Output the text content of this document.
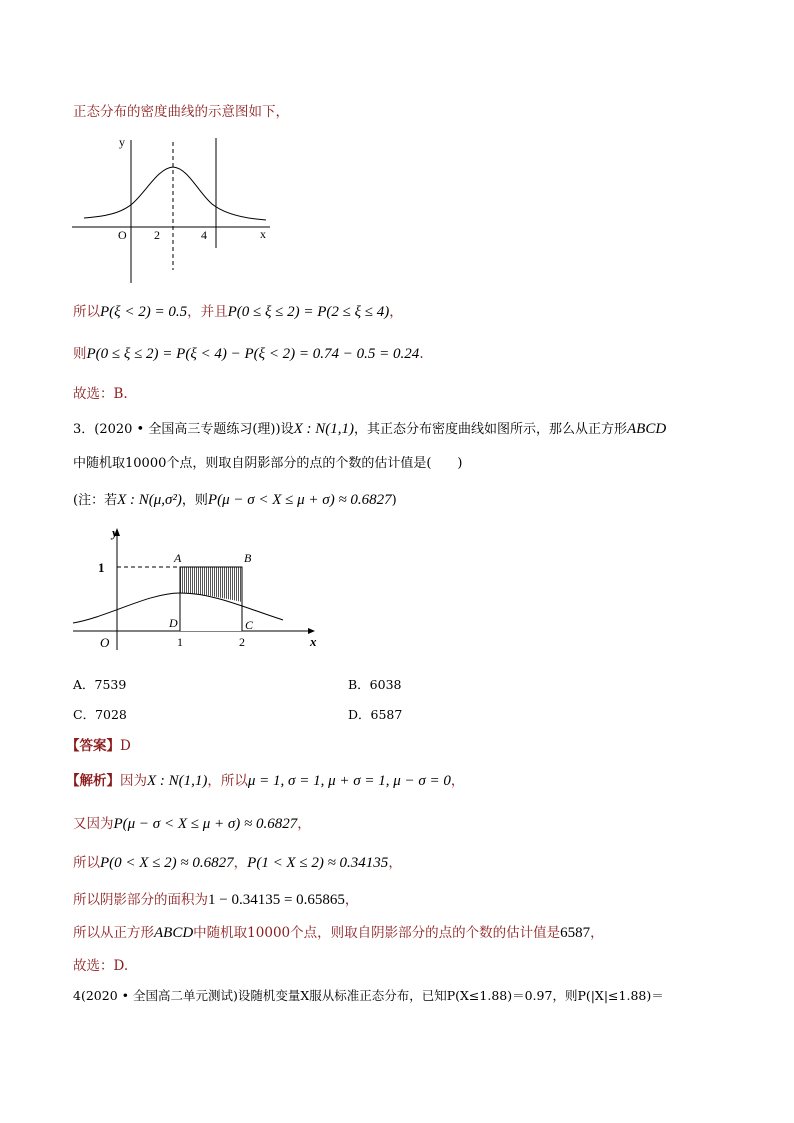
正态分布的密度曲线的示意图如下，
y
O 2	4	x
所以P(ξ < 2) = 0.5，并且P(0 ≤ ξ ≤ 2) = P(2 ≤ ξ ≤ 4)，
则P(0 ≤ ξ ≤ 2) = P(ξ < 4) − P(ξ < 2) = 0.74 − 0.5 = 0.24.
故选：B.
3．(2020 • 全国高三专题练习(理))设X : N(1,1)，其正态分布密度曲线如图所示，那么从正方形ABCD
中随机取10000个点，则取自阴影部分的点的个数的估计值是(　　)
(注：若X : N(μ,σ²)，则P(μ − σ < X ≤ μ + σ) ≈ 0.6827)
y
1
A	B
D	C
O	1	2	x
A．7539	B．6038
C．7028	D．6587
【答案】D
【解析】因为X : N(1,1)，所以μ = 1, σ = 1, μ + σ = 1, μ − σ = 0，
又因为P(μ − σ < X ≤ μ + σ) ≈ 0.6827，
所以P(0 < X ≤ 2) ≈ 0.6827，P(1 < X ≤ 2) ≈ 0.34135，
所以阴影部分的面积为1 − 0.34135 = 0.65865，
所以从正方形ABCD中随机取10000个点，则取自阴影部分的点的个数的估计值是6587，
故选：D.
4(2020 • 全国高二单元测试)设随机变量X服从标准正态分布，已知P(X≤1.88)＝0.97，则P(|X|≤1.88)＝
